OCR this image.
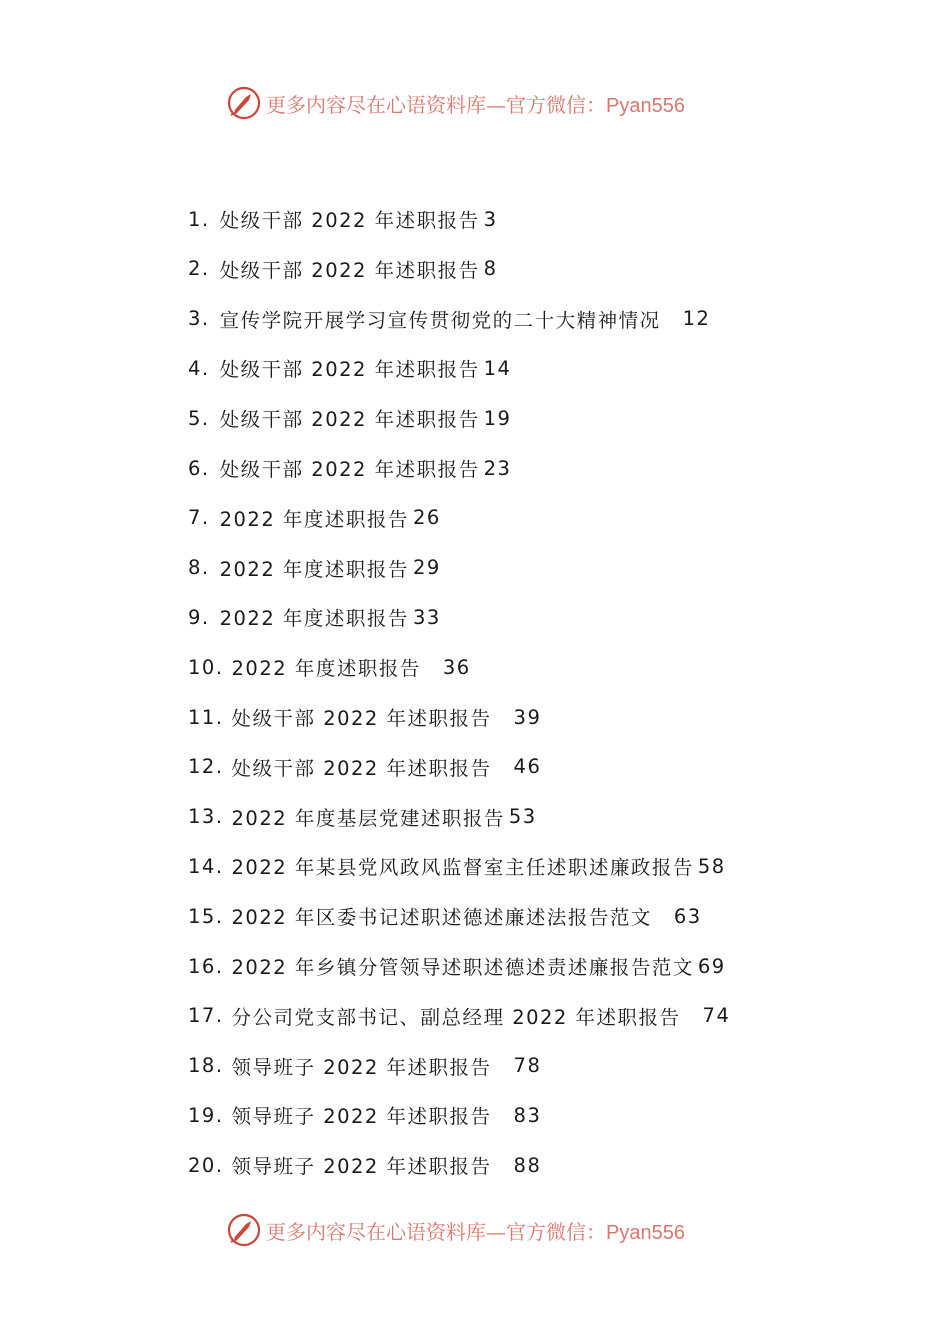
更多内容尽在心语资料库—官方微信：Pyan556
1. 处级干部 2022 年述职报告 3
2. 处级干部 2022 年述职报告 8
3. 宣传学院开展学习宣传贯彻党的二十大精神情况 12
4. 处级干部 2022 年述职报告 14
5. 处级干部 2022 年述职报告 19
6. 处级干部 2022 年述职报告 23
7. 2022 年度述职报告 26
8. 2022 年度述职报告 29
9. 2022 年度述职报告 33
10. 2022 年度述职报告 36
11. 处级干部 2022 年述职报告 39
12. 处级干部 2022 年述职报告 46
13. 2022 年度基层党建述职报告 53
14. 2022 年某县党风政风监督室主任述职述廉政报告 58
15. 2022 年区委书记述职述德述廉述法报告范文 63
16. 2022 年乡镇分管领导述职述德述责述廉报告范文 69
17. 分公司党支部书记、副总经理 2022 年述职报告 74
18. 领导班子 2022 年述职报告 78
19. 领导班子 2022 年述职报告 83
20. 领导班子 2022 年述职报告 88
更多内容尽在心语资料库—官方微信：Pyan556
